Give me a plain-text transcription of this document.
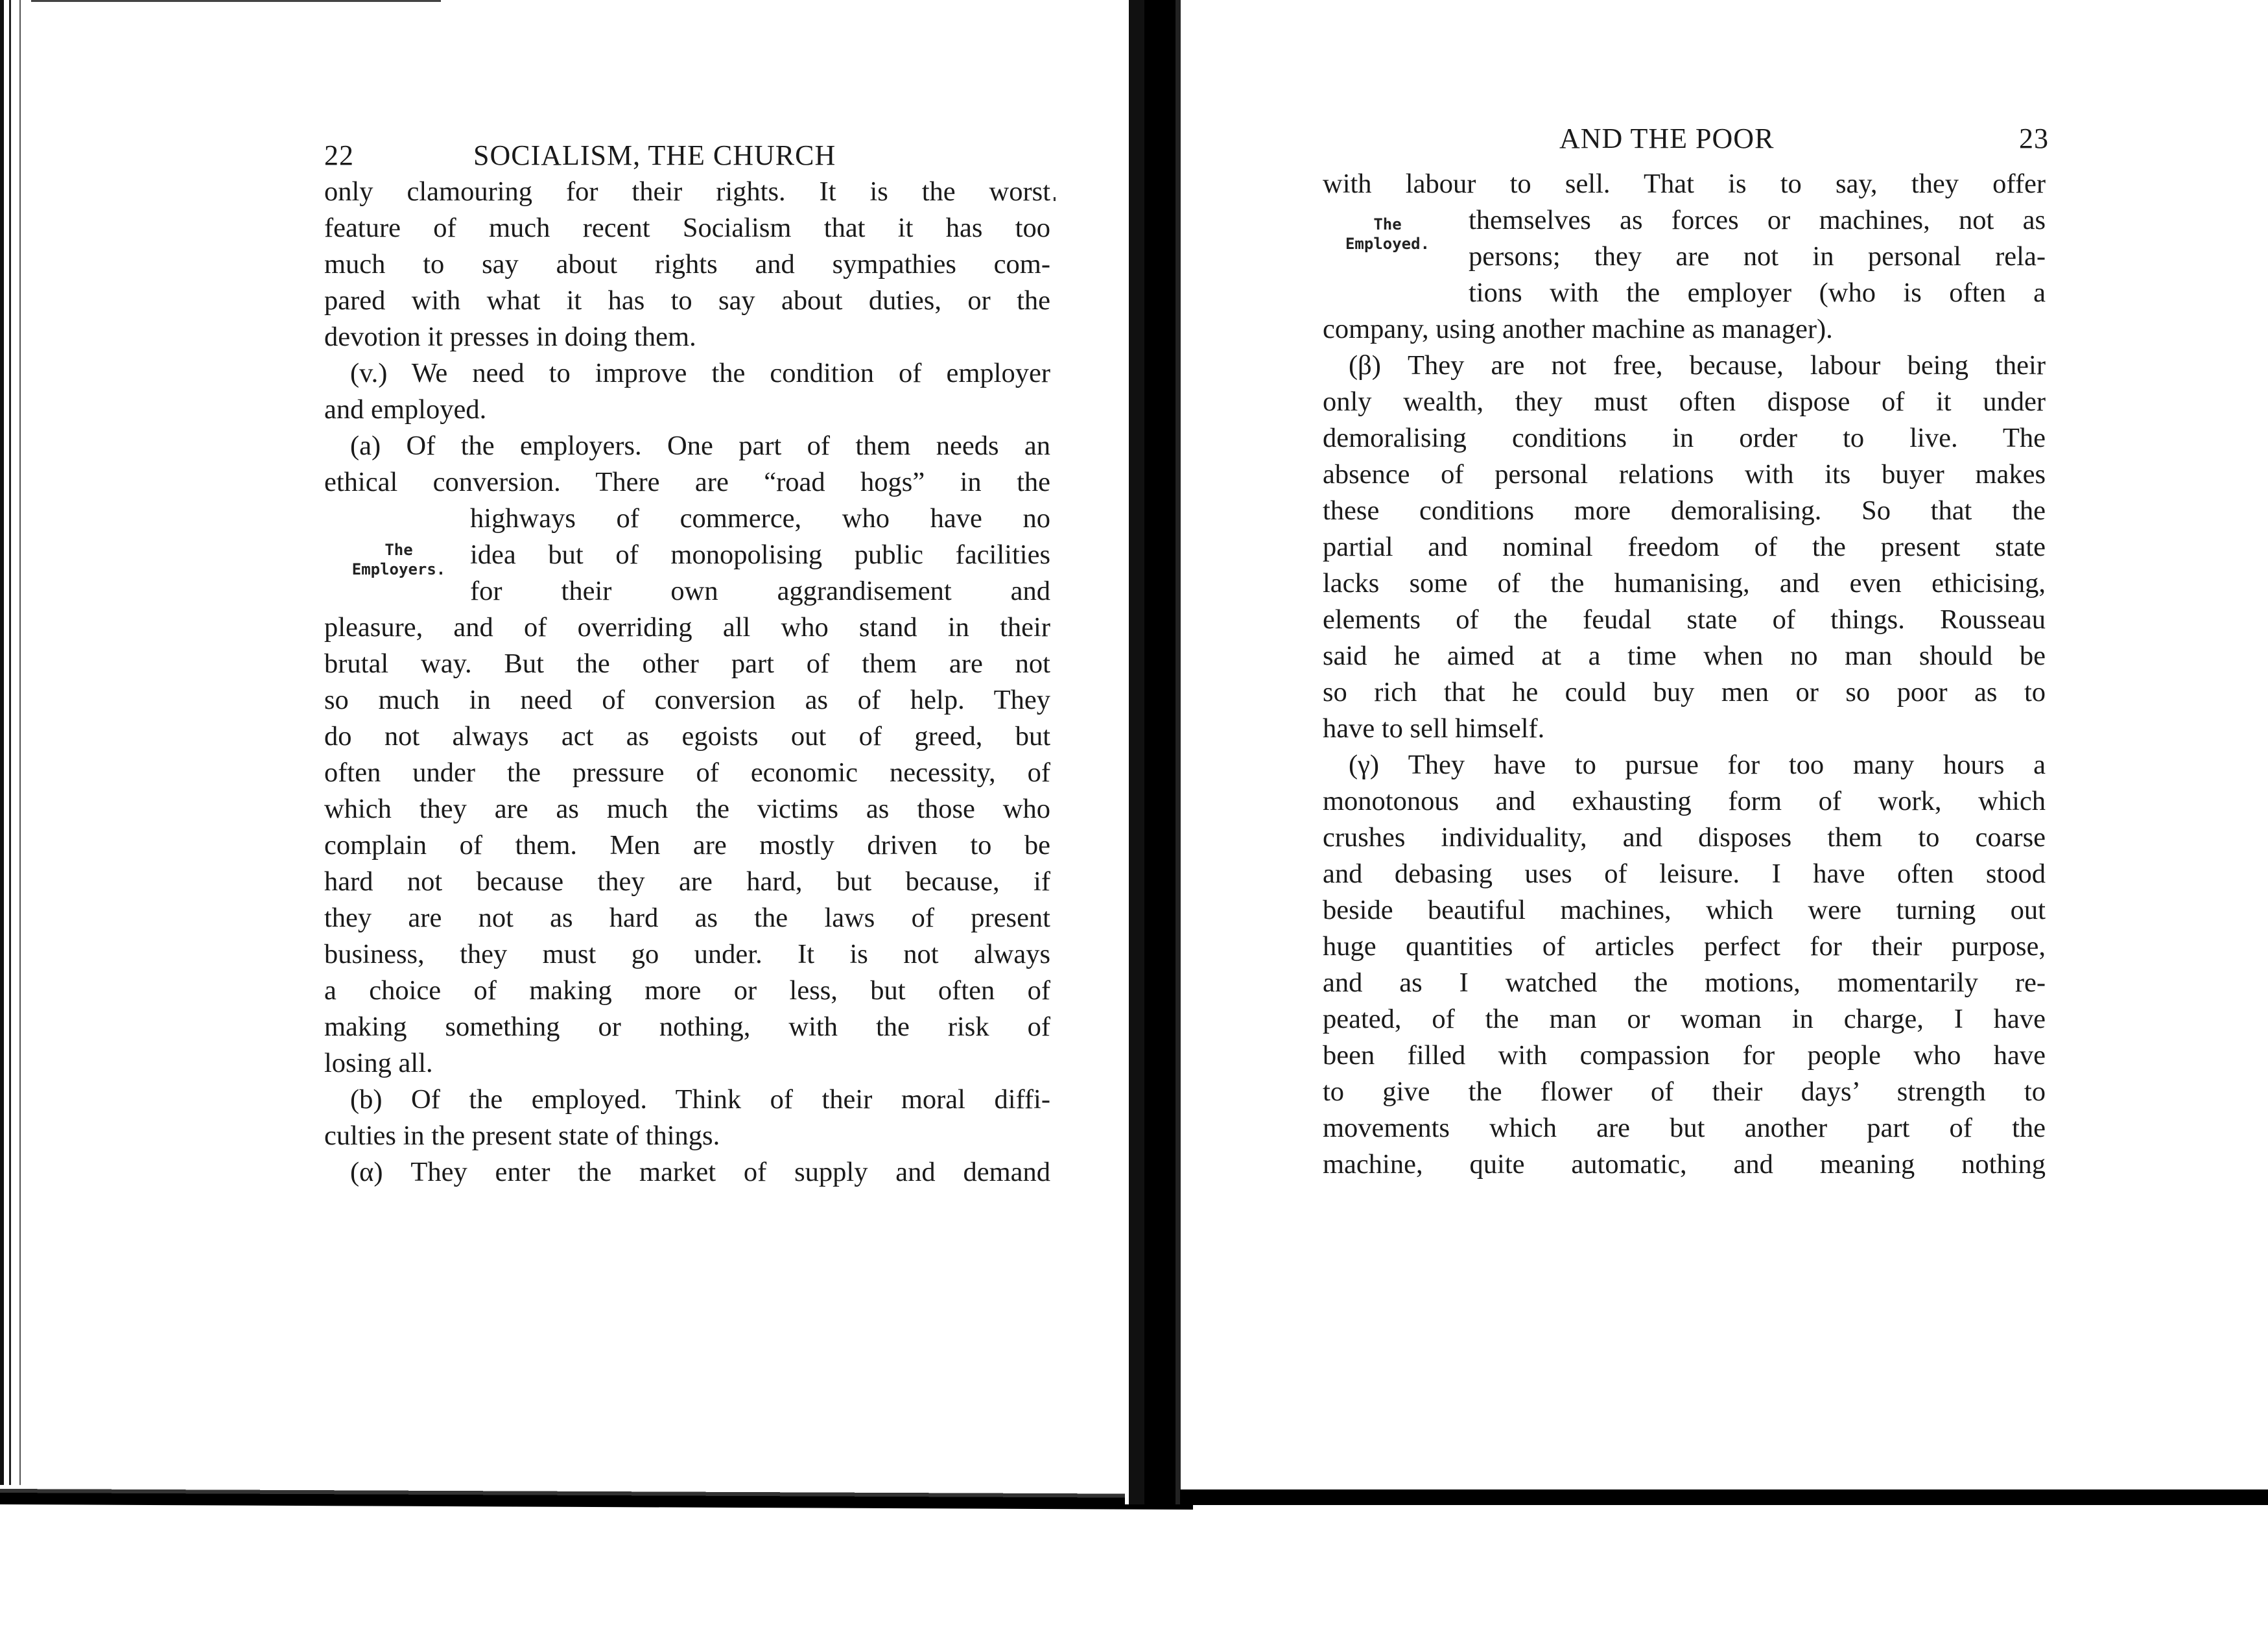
22	SOCIALISM, THE CHURCH
The
Employers.
only clamouring for their rights. It is the worst
feature of much recent Socialism that it has too
much to say about rights and sympathies com-
pared with what it has to say about duties, or the
devotion it presses in doing them.
(v.) We need to improve the condition of employer
and employed.
(a) Of the employers. One part of them needs an
ethical conversion. There are “road hogs” in the
highways of commerce, who have no
idea but of monopolising public facilities
for their own aggrandisement and
pleasure, and of overriding all who stand in their
brutal way. But the other part of them are not
so much in need of conversion as of help. They
do not always act as egoists out of greed, but
often under the pressure of economic necessity, of
which they are as much the victims as those who
complain of them. Men are mostly driven to be
hard not because they are hard, but because, if
they are not as hard as the laws of present
business, they must go under. It is not always
a choice of making more or less, but often of
making something or nothing, with the risk of
losing all.
(b) Of the employed. Think of their moral diffi-
culties in the present state of things.
(α) They enter the market of supply and demand
AND THE POOR	23
The
Employed.
with labour to sell. That is to say, they offer
themselves as forces or machines, not as
persons; they are not in personal rela-
tions with the employer (who is often a
company, using another machine as manager).
(β) They are not free, because, labour being their
only wealth, they must often dispose of it under
demoralising conditions in order to live. The
absence of personal relations with its buyer makes
these conditions more demoralising. So that the
partial and nominal freedom of the present state
lacks some of the humanising, and even ethicising,
elements of the feudal state of things. Rousseau
said he aimed at a time when no man should be
so rich that he could buy men or so poor as to
have to sell himself.
(γ) They have to pursue for too many hours a
monotonous and exhausting form of work, which
crushes individuality, and disposes them to coarse
and debasing uses of leisure. I have often stood
beside beautiful machines, which were turning out
huge quantities of articles perfect for their purpose,
and as I watched the motions, momentarily re-
peated, of the man or woman in charge, I have
been filled with compassion for people who have
to give the flower of their days’ strength to
movements which are but another part of the
machine, quite automatic, and meaning nothing
